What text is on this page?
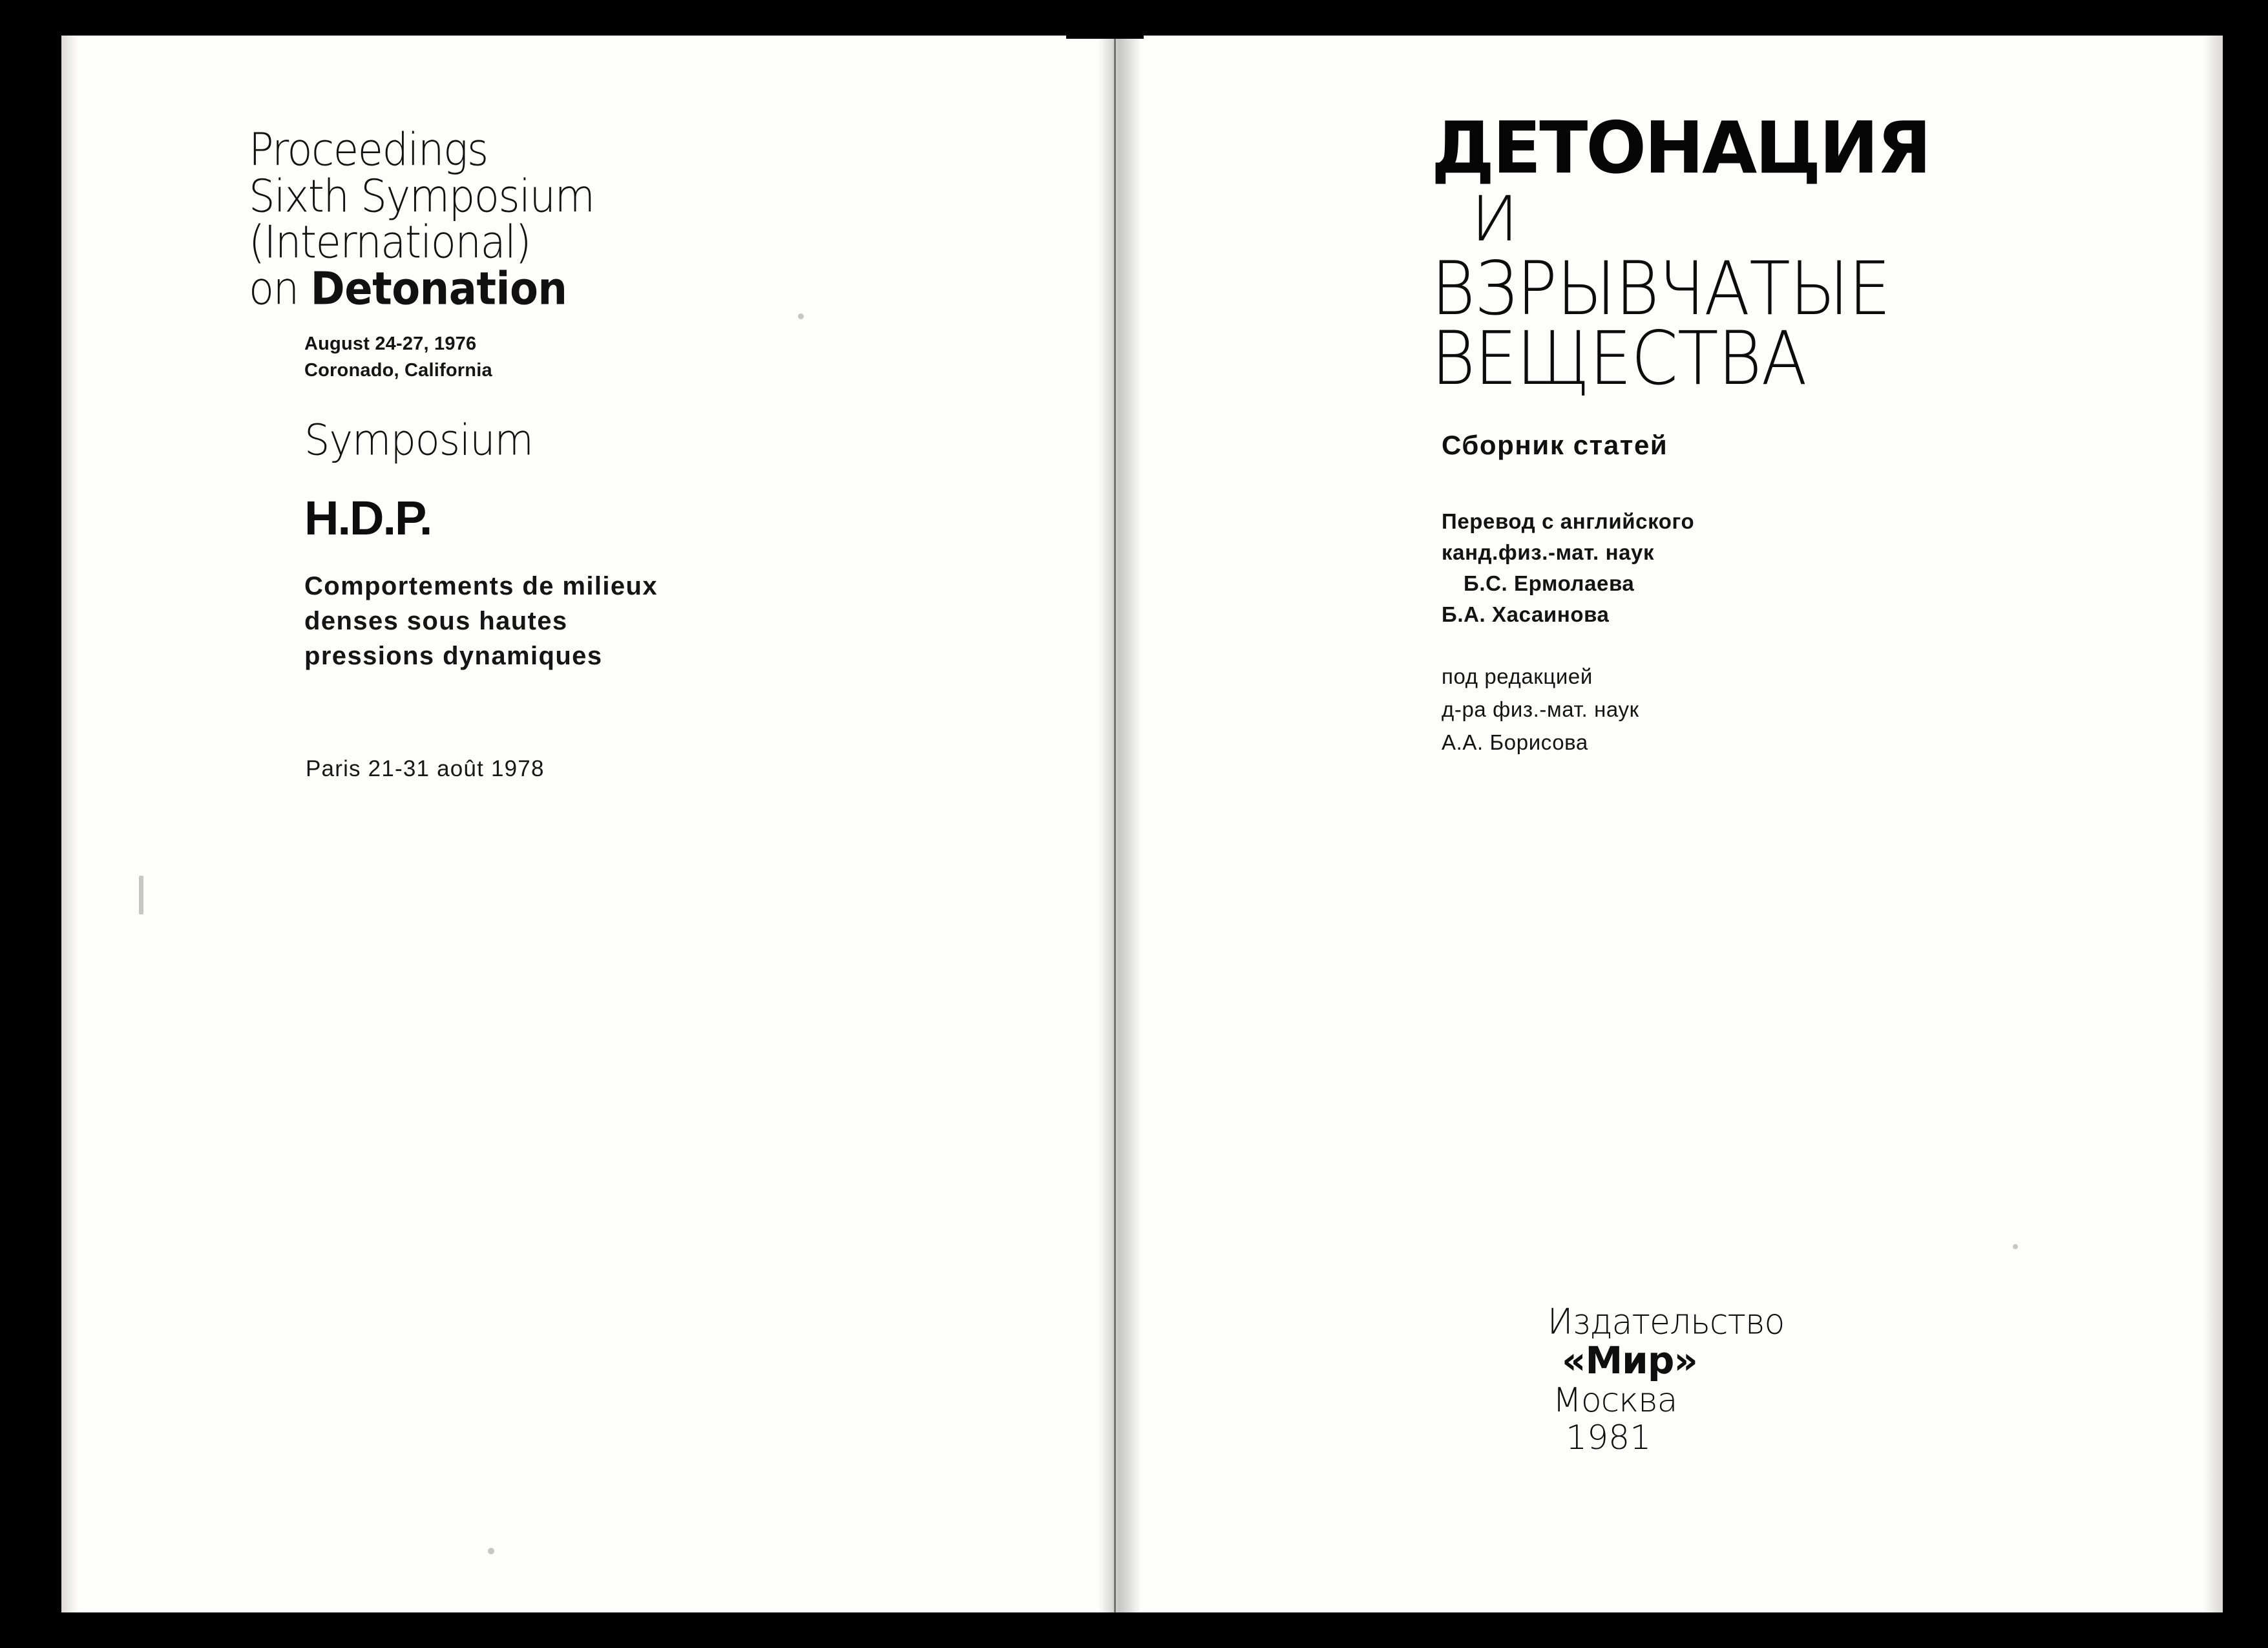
Proceedings
Sixth Symposium
(International)
on Detonation
August 24-27, 1976
Coronado, California
Symposium
H.D.P.
Comportements de milieux
denses sous hautes
pressions dynamiques
Paris 21-31 août 1978
ДЕТОНАЦИЯ
И
ВЗРЫВЧАТЫЕ
ВЕЩЕСТВА
Сборник статей
Перевод с английского
канд.физ.-мат. наук
Б.С. Ермолаева
Б.А. Хасаинова
под редакцией
д-ра физ.-мат. наук
А.А. Борисова
Издательство
«Мир»
Москва
1981
